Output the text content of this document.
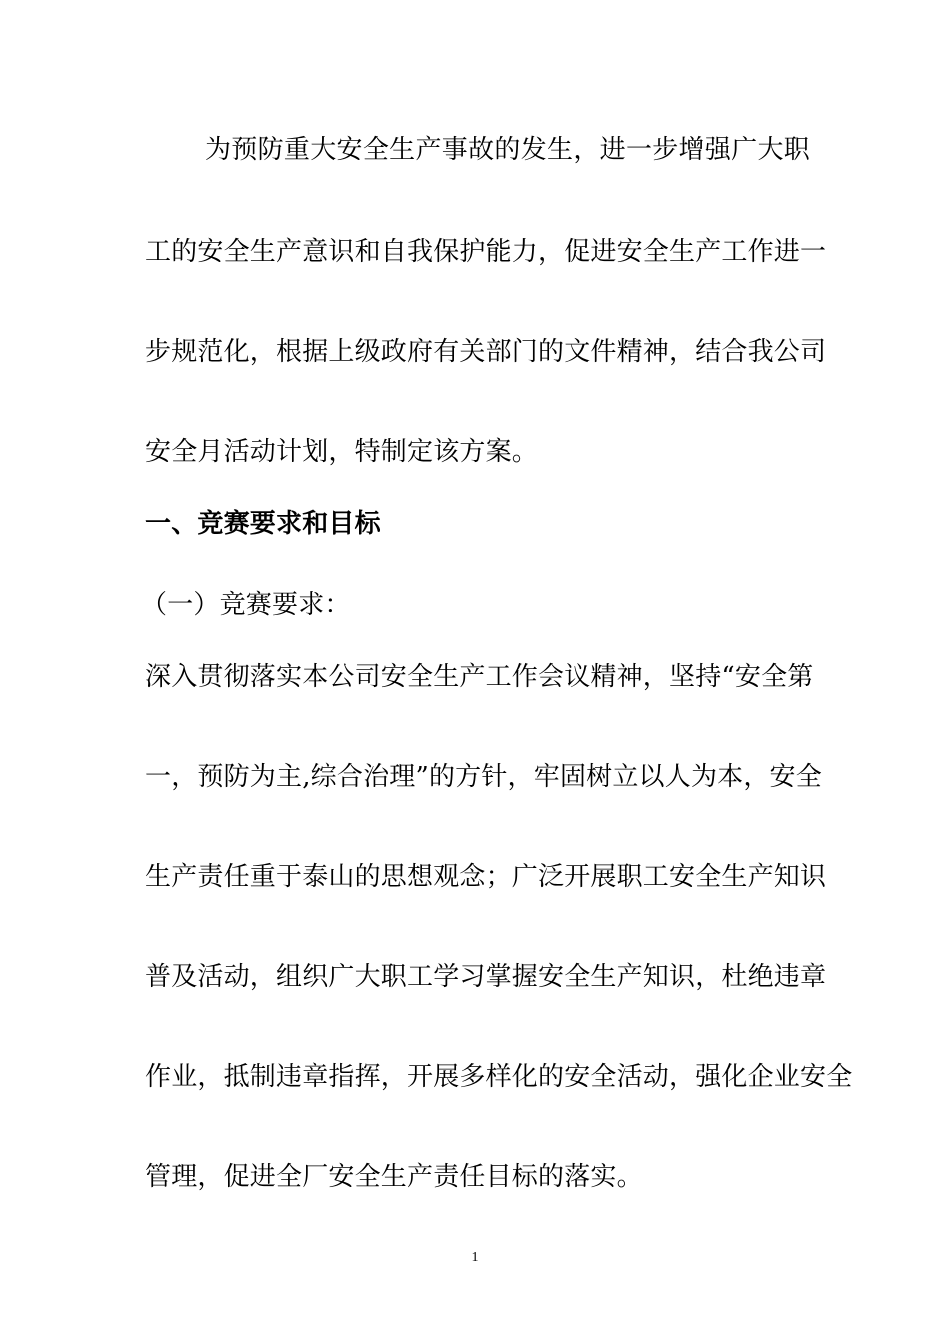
为预防重大安全生产事故的发生，进一步增强广大职
工的安全生产意识和自我保护能力，促进安全生产工作进一
步规范化，根据上级政府有关部门的文件精神，结合我公司
安全月活动计划，特制定该方案。
一、竞赛要求和目标
（一）竞赛要求：
深入贯彻落实本公司安全生产工作会议精神，坚持“安全第
一，预防为主,综合治理”的方针，牢固树立以人为本，安全
生产责任重于泰山的思想观念；广泛开展职工安全生产知识
普及活动，组织广大职工学习掌握安全生产知识，杜绝违章
作业，抵制违章指挥，开展多样化的安全活动，强化企业安全
管理，促进全厂安全生产责任目标的落实。
1
